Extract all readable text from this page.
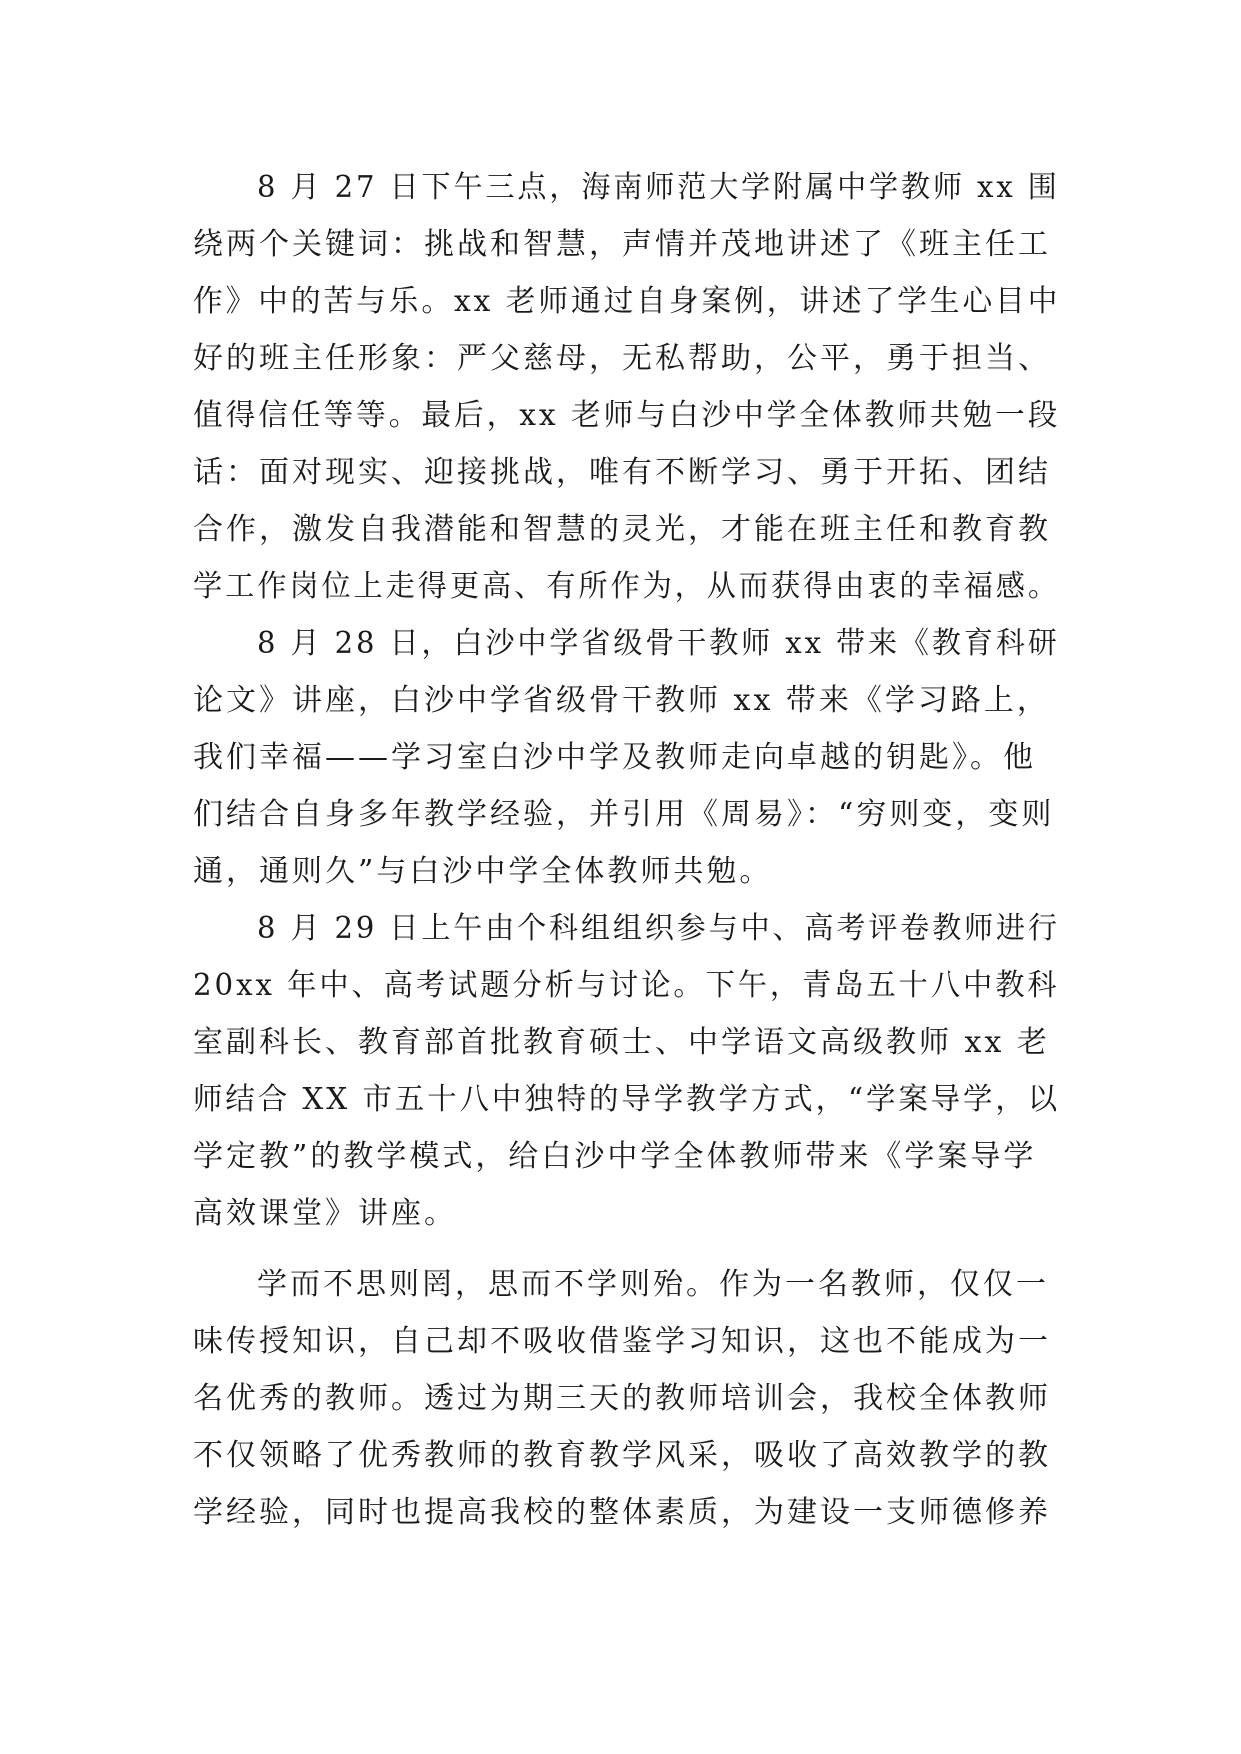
8 月 27 日下午三点，海南师范大学附属中学教师 xx 围
绕两个关键词：挑战和智慧，声情并茂地讲述了《班主任工
作》中的苦与乐。xx 老师通过自身案例，讲述了学生心目中
好的班主任形象：严父慈母，无私帮助，公平，勇于担当、
值得信任等等。最后，xx 老师与白沙中学全体教师共勉一段
话：面对现实、迎接挑战，唯有不断学习、勇于开拓、团结
合作，激发自我潜能和智慧的灵光，才能在班主任和教育教
学工作岗位上走得更高、有所作为，从而获得由衷的幸福感。
8 月 28 日，白沙中学省级骨干教师 xx 带来《教育科研
论文》讲座，白沙中学省级骨干教师 xx 带来《学习路上，
我们幸福——学习室白沙中学及教师走向卓越的钥匙》。他
们结合自身多年教学经验，并引用《周易》：“穷则变，变则
通，通则久”与白沙中学全体教师共勉。
8 月 29 日上午由个科组组织参与中、高考评卷教师进行
20xx 年中、高考试题分析与讨论。下午，青岛五十八中教科
室副科长、教育部首批教育硕士、中学语文高级教师 xx 老
师结合 XX 市五十八中独特的导学教学方式，“学案导学，以
学定教”的教学模式，给白沙中学全体教师带来《学案导学
高效课堂》讲座。
学而不思则罔，思而不学则殆。作为一名教师，仅仅一
味传授知识，自己却不吸收借鉴学习知识，这也不能成为一
名优秀的教师。透过为期三天的教师培训会，我校全体教师
不仅领略了优秀教师的教育教学风采，吸收了高效教学的教
学经验，同时也提高我校的整体素质，为建设一支师德修养
